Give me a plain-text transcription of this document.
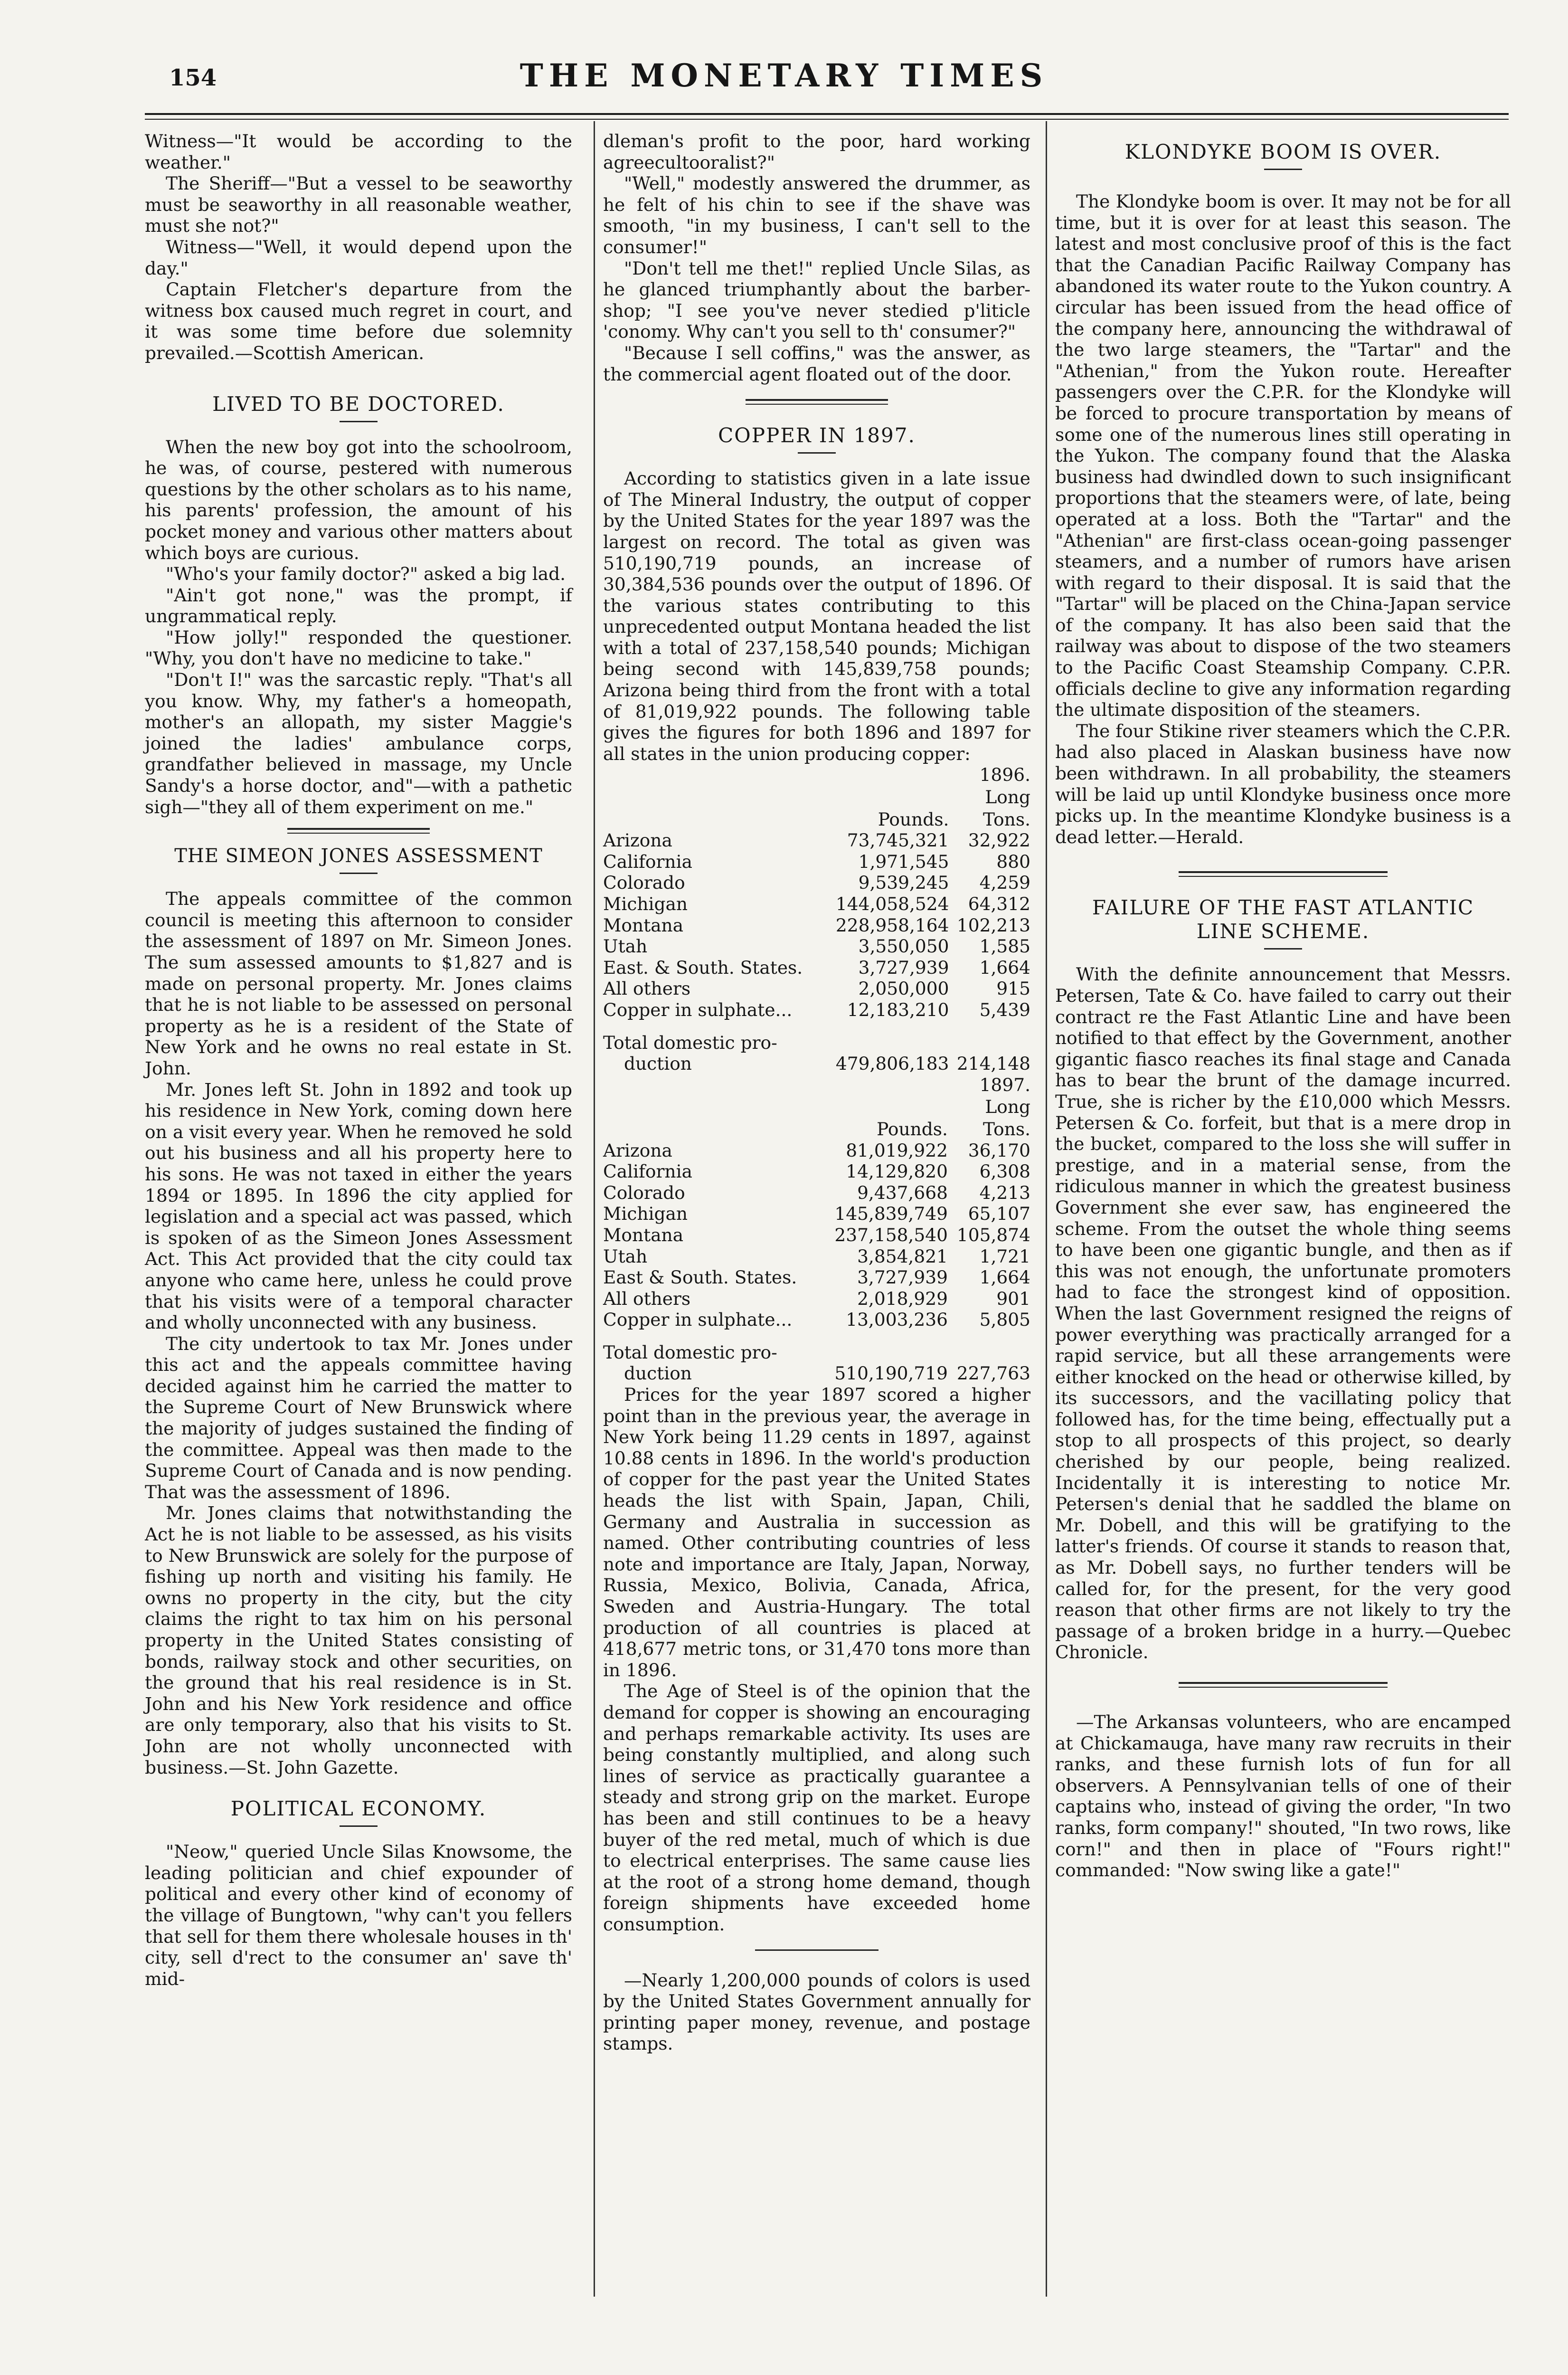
154	THE MONETARY TIMES

Witness—"It would be according to the weather."

The Sheriff—"But a vessel to be seaworthy must be seaworthy in all reasonable weather, must she not?"

Witness—"Well, it would depend upon the day."

Captain Fletcher's departure from the witness box caused much regret in court, and it was some time before due solemnity prevailed.—Scottish American.

LIVED TO BE DOCTORED.

When the new boy got into the schoolroom, he was, of course, pestered with numerous questions by the other scholars as to his name, his parents' profession, the amount of his pocket money and various other matters about which boys are curious.

"Who's your family doctor?" asked a big lad.

"Ain't got none," was the prompt, if ungrammatical reply.

"How jolly!" responded the questioner. "Why, you don't have no medicine to take."

"Don't I!" was the sarcastic reply. "That's all you know. Why, my father's a homeopath, mother's an allopath, my sister Maggie's joined the ladies' ambulance corps, grandfather believed in massage, my Uncle Sandy's a horse doctor, and"—with a pathetic sigh—"they all of them experiment on me."

THE SIMEON JONES ASSESSMENT

The appeals committee of the common council is meeting this afternoon to consider the assessment of 1897 on Mr. Simeon Jones. The sum assessed amounts to $1,827 and is made on personal property. Mr. Jones claims that he is not liable to be assessed on personal property as he is a resident of the State of New York and he owns no real estate in St. John.

Mr. Jones left St. John in 1892 and took up his residence in New York, coming down here on a visit every year. When he removed he sold out his business and all his property here to his sons. He was not taxed in either the years 1894 or 1895. In 1896 the city applied for legislation and a special act was passed, which is spoken of as the Simeon Jones Assessment Act. This Act provided that the city could tax anyone who came here, unless he could prove that his visits were of a temporal character and wholly unconnected with any business.

The city undertook to tax Mr. Jones under this act and the appeals committee having decided against him he carried the matter to the Supreme Court of New Brunswick where the majority of judges sustained the finding of the committee. Appeal was then made to the Supreme Court of Canada and is now pending. That was the assessment of 1896.

Mr. Jones claims that notwithstanding the Act he is not liable to be assessed, as his visits to New Brunswick are solely for the purpose of fishing up north and visiting his family. He owns no property in the city, but the city claims the right to tax him on his personal property in the United States consisting of bonds, railway stock and other securities, on the ground that his real residence is in St. John and his New York residence and office are only temporary, also that his visits to St. John are not wholly unconnected with business.—St. John Gazette.

POLITICAL ECONOMY.

"Neow," queried Uncle Silas Knowsome, the leading politician and chief expounder of political and every other kind of economy of the village of Bungtown, "why can't you fellers that sell for them there wholesale houses in th' city, sell d'rect to the consumer an' save th' mid-

dleman's profit to the poor, hard working agreecultooralist?"

"Well," modestly answered the drummer, as he felt of his chin to see if the shave was smooth, "in my business, I can't sell to the consumer!"

"Don't tell me thet!" replied Uncle Silas, as he glanced triumphantly about the barber-shop; "I see you've never stedied p'liticle 'conomy. Why can't you sell to th' consumer?"

"Because I sell coffins," was the answer, as the commercial agent floated out of the door.

COPPER IN 1897.

According to statistics given in a late issue of The Mineral Industry, the output of copper by the United States for the year 1897 was the largest on record. The total as given was 510,190,719 pounds, an increase of 30,384,536 pounds over the output of 1896. Of the various states contributing to this unprecedented output Montana headed the list with a total of 237,158,540 pounds; Michigan being second with 145,839,758 pounds; Arizona being third from the front with a total of 81,019,922 pounds. The following table gives the figures for both 1896 and 1897 for all states in the union producing copper:

1896.		
		Long
	Pounds.	Tons.
Arizona	73,745,321	32,922
California	1,971,545	880
Colorado	9,539,245	4,259
Michigan	144,058,524	64,312
Montana	228,958,164	102,213
Utah	3,550,050	1,585
East. & South. States.	3,727,939	1,664
All others	2,050,000	915
Copper in sulphate...	12,183,210	5,439
Total domestic pro-		
duction	479,806,183	214,148
1897.		
		Long
	Pounds.	Tons.
Arizona	81,019,922	36,170
California	14,129,820	6,308
Colorado	9,437,668	4,213
Michigan	145,839,749	65,107
Montana	237,158,540	105,874
Utah	3,854,821	1,721
East & South. States.	3,727,939	1,664
All others	2,018,929	901
Copper in sulphate...	13,003,236	5,805
Total domestic pro-		
duction	510,190,719	227,763

Prices for the year 1897 scored a higher point than in the previous year, the average in New York being 11.29 cents in 1897, against 10.88 cents in 1896. In the world's production of copper for the past year the United States heads the list with Spain, Japan, Chili, Germany and Australia in succession as named. Other contributing countries of less note and importance are Italy, Japan, Norway, Russia, Mexico, Bolivia, Canada, Africa, Sweden and Austria-Hungary. The total production of all countries is placed at 418,677 metric tons, or 31,470 tons more than in 1896.

The Age of Steel is of the opinion that the demand for copper is showing an encouraging and perhaps remarkable activity. Its uses are being constantly multiplied, and along such lines of service as practically guarantee a steady and strong grip on the market. Europe has been and still continues to be a heavy buyer of the red metal, much of which is due to electrical enterprises. The same cause lies at the root of a strong home demand, though foreign shipments have exceeded home consumption.

—Nearly 1,200,000 pounds of colors is used by the United States Government annually for printing paper money, revenue, and postage stamps.

KLONDYKE BOOM IS OVER.

The Klondyke boom is over. It may not be for all time, but it is over for at least this season. The latest and most conclusive proof of this is the fact that the Canadian Pacific Railway Company has abandoned its water route to the Yukon country. A circular has been issued from the head office of the company here, announcing the withdrawal of the two large steamers, the "Tartar" and the "Athenian," from the Yukon route. Hereafter passengers over the C.P.R. for the Klondyke will be forced to procure transportation by means of some one of the numerous lines still operating in the Yukon. The company found that the Alaska business had dwindled down to such insignificant proportions that the steamers were, of late, being operated at a loss. Both the "Tartar" and the "Athenian" are first-class ocean-going passenger steamers, and a number of rumors have arisen with regard to their disposal. It is said that the "Tartar" will be placed on the China-Japan service of the company. It has also been said that the railway was about to dispose of the two steamers to the Pacific Coast Steamship Company. C.P.R. officials decline to give any information regarding the ultimate disposition of the steamers.

The four Stikine river steamers which the C.P.R. had also placed in Alaskan business have now been withdrawn. In all probability, the steamers will be laid up until Klondyke business once more picks up. In the meantime Klondyke business is a dead letter.—Herald.

FAILURE OF THE FAST ATLANTIC LINE SCHEME.

With the definite announcement that Messrs. Petersen, Tate & Co. have failed to carry out their contract re the Fast Atlantic Line and have been notified to that effect by the Government, another gigantic fiasco reaches its final stage and Canada has to bear the brunt of the damage incurred. True, she is richer by the £10,000 which Messrs. Petersen & Co. forfeit, but that is a mere drop in the bucket, compared to the loss she will suffer in prestige, and in a material sense, from the ridiculous manner in which the greatest business Government she ever saw, has engineered the scheme. From the outset the whole thing seems to have been one gigantic bungle, and then as if this was not enough, the unfortunate promoters had to face the strongest kind of opposition. When the last Government resigned the reigns of power everything was practically arranged for a rapid service, but all these arrangements were either knocked on the head or otherwise killed, by its successors, and the vacillating policy that followed has, for the time being, effectually put a stop to all prospects of this project, so dearly cherished by our people, being realized. Incidentally it is interesting to notice Mr. Petersen's denial that he saddled the blame on Mr. Dobell, and this will be gratifying to the latter's friends. Of course it stands to reason that, as Mr. Dobell says, no further tenders will be called for, for the present, for the very good reason that other firms are not likely to try the passage of a broken bridge in a hurry.—Quebec Chronicle.

—The Arkansas volunteers, who are encamped at Chickamauga, have many raw recruits in their ranks, and these furnish lots of fun for all observers. A Pennsylvanian tells of one of their captains who, instead of giving the order, "In two ranks, form company!" shouted, "In two rows, like corn!" and then in place of "Fours right!" commanded: "Now swing like a gate!"
